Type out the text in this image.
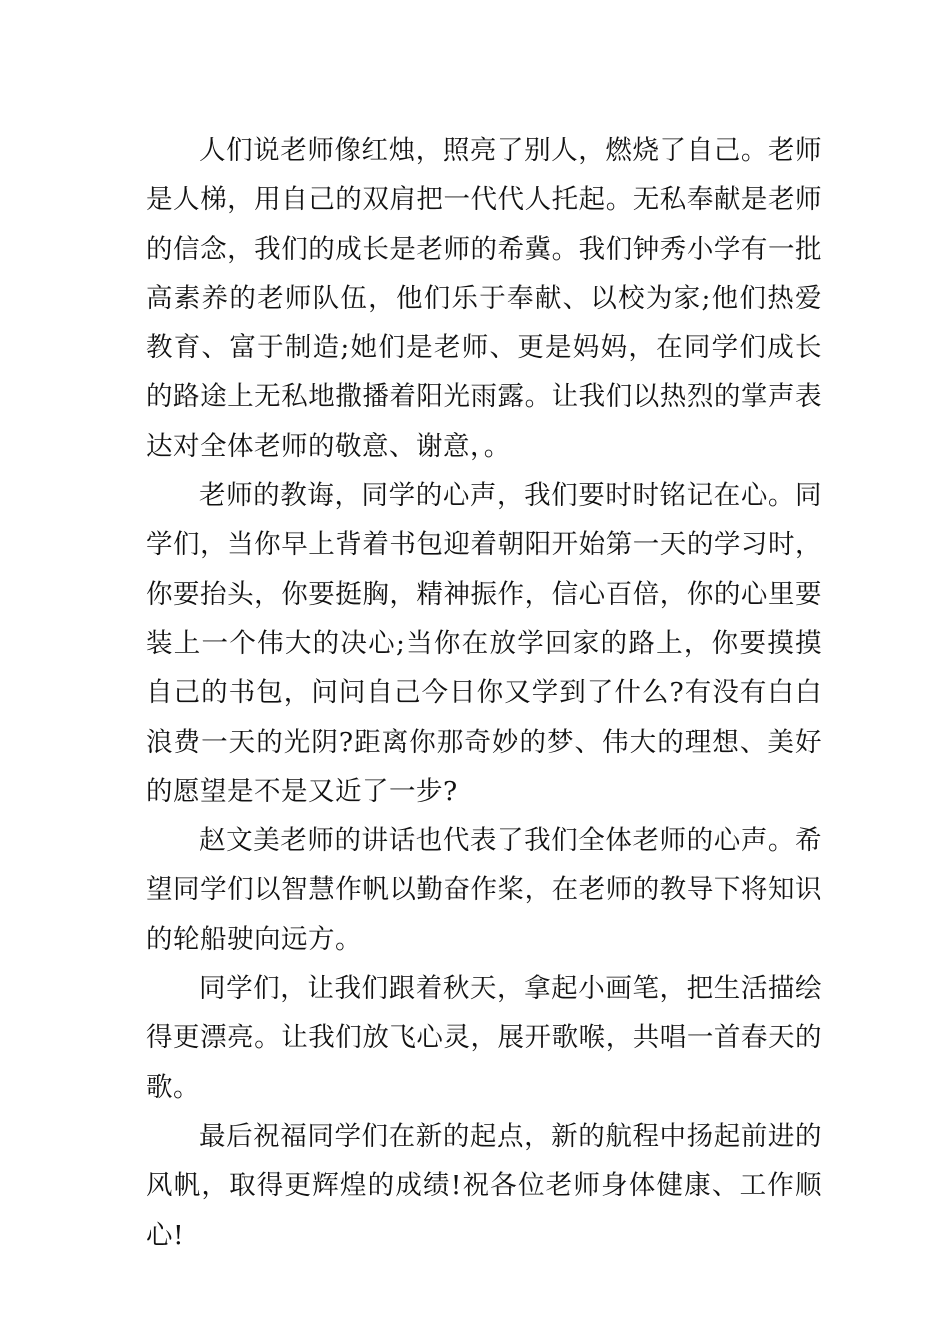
人们说老师像红烛，照亮了别人，燃烧了自己。老师是人梯，用自己的双肩把一代代人托起。无私奉献是老师的信念，我们的成长是老师的希冀。我们钟秀小学有一批高素养的老师队伍，他们乐于奉献、以校为家;他们热爱教育、富于制造;她们是老师、更是妈妈，在同学们成长的路途上无私地撒播着阳光雨露。让我们以热烈的掌声表达对全体老师的敬意、谢意，。

老师的教诲，同学的心声，我们要时时铭记在心。同学们，当你早上背着书包迎着朝阳开始第一天的学习时，你要抬头，你要挺胸，精神振作，信心百倍，你的心里要装上一个伟大的决心;当你在放学回家的路上，你要摸摸自己的书包，问问自己今日你又学到了什么?有没有白白浪费一天的光阴?距离你那奇妙的梦、伟大的理想、美好的愿望是不是又近了一步?

赵文美老师的讲话也代表了我们全体老师的心声。希望同学们以智慧作帆以勤奋作桨，在老师的教导下将知识的轮船驶向远方。

同学们，让我们跟着秋天，拿起小画笔，把生活描绘得更漂亮。让我们放飞心灵，展开歌喉，共唱一首春天的歌。

最后祝福同学们在新的起点，新的航程中扬起前进的风帆，取得更辉煌的成绩!祝各位老师身体健康、工作顺心!
